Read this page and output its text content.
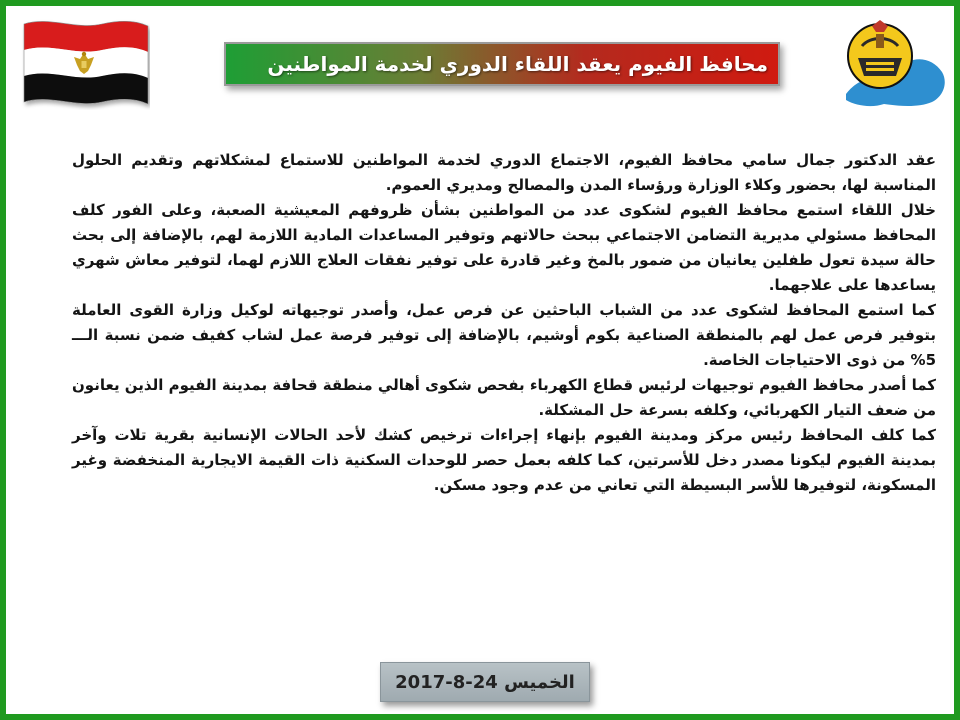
محافظ الفيوم يعقد اللقاء الدوري لخدمة المواطنين

عقد الدكتور جمال سامي محافظ الفيوم، الاجتماع الدوري لخدمة المواطنين للاستماع لمشكلاتهم وتقديم الحلول المناسبة لها، بحضور وكلاء الوزارة ورؤساء المدن والمصالح ومديري العموم.

خلال اللقاء استمع محافظ الفيوم لشكوى عدد من المواطنين بشأن ظروفهم المعيشية الصعبة، وعلى الفور كلف المحافظ مسئولي مديرية التضامن الاجتماعي ببحث حالاتهم وتوفير المساعدات المادية اللازمة لهم، بالإضافة إلى بحث حالة سيدة تعول طفلين يعانيان من ضمور بالمخ وغير قادرة على توفير نفقات العلاج اللازم لهما، لتوفير معاش شهري يساعدها على علاجهما.

كما استمع المحافظ لشكوى عدد من الشباب الباحثين عن فرص عمل، وأصدر توجيهاته لوكيل وزارة القوى العاملة بتوفير فرص عمل لهم بالمنطقة الصناعية بكوم أوشيم، بالإضافة إلى توفير فرصة عمل لشاب كفيف ضمن نسبة الـــ 5% من ذوى الاحتياجات الخاصة.

كما أصدر محافظ الفيوم توجيهات لرئيس قطاع الكهرباء بفحص شكوى أهالي منطقة قحافة بمدينة الفيوم الذين يعانون من ضعف التيار الكهربائي، وكلفه بسرعة حل المشكلة.

كما كلف المحافظ رئيس مركز ومدينة الفيوم بإنهاء إجراءات ترخيص كشك لأحد الحالات الإنسانية بقرية تلات وآخر بمدينة الفيوم ليكونا مصدر دخل للأسرتين، كما كلفه بعمل حصر للوحدات السكنية ذات القيمة الايجارية المنخفضة وغير المسكونة، لتوفيرها للأسر البسيطة التي تعاني من عدم وجود مسكن.

الخميس 24-8-2017
